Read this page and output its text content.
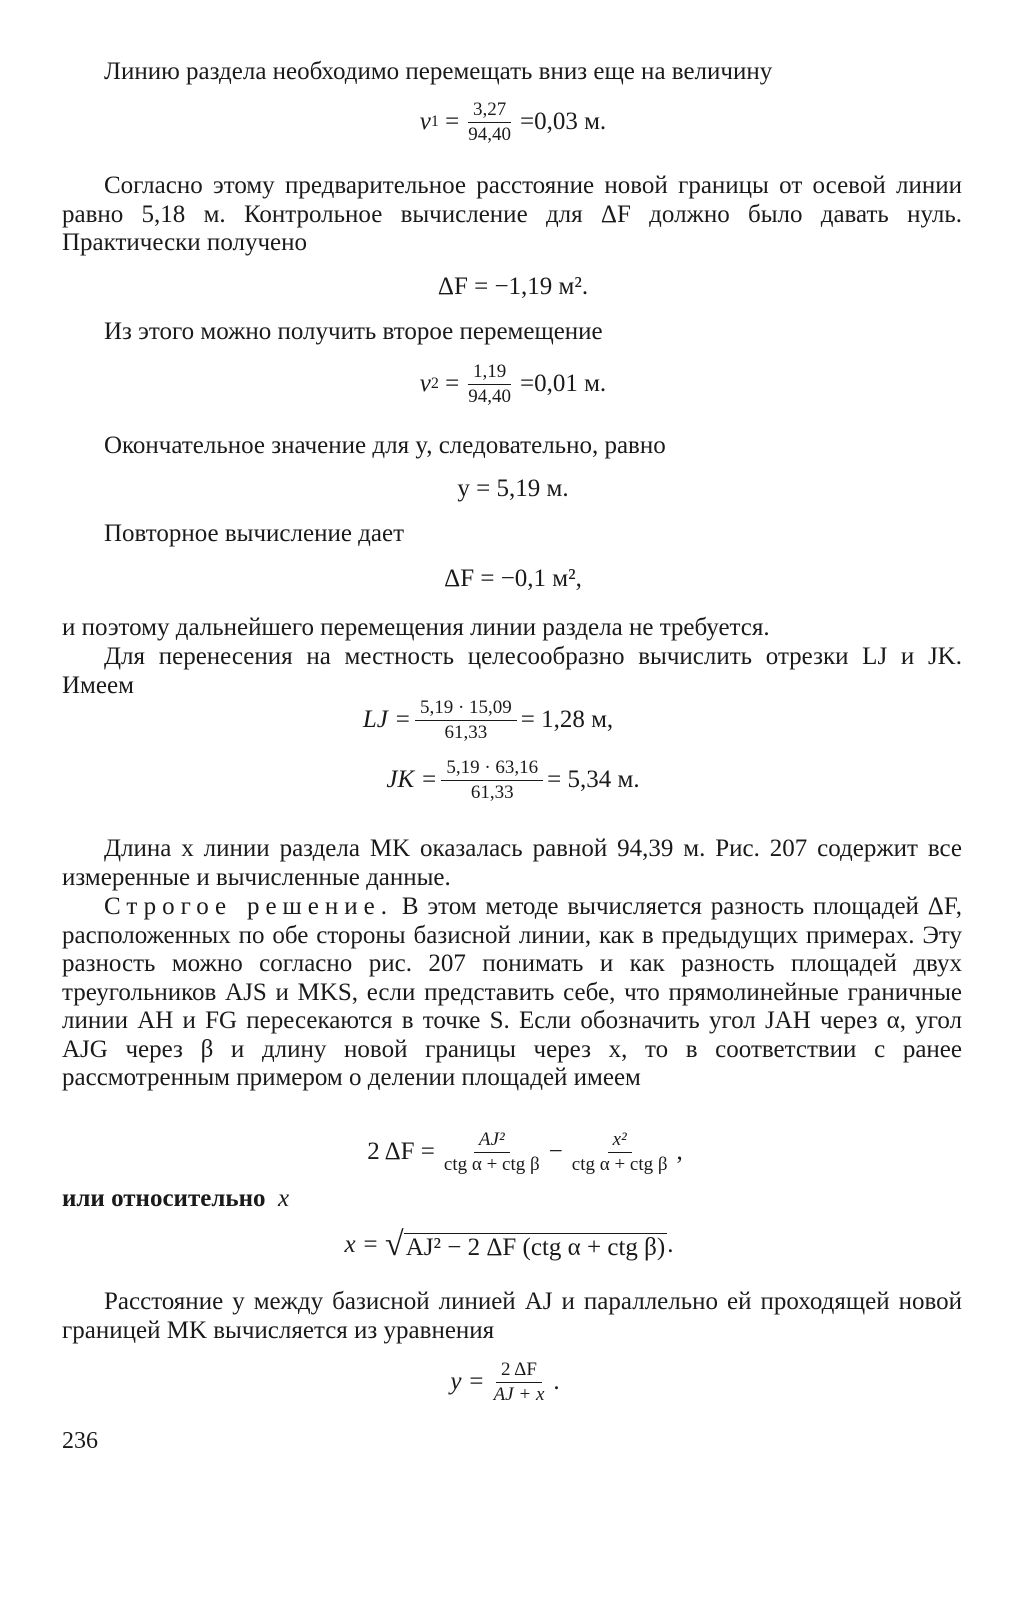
Линию раздела необходимо перемещать вниз еще на величину

v $1 = \frac{3,27}{94,40} =0,03$ м.

Согласно этому предварительное расстояние новой границы от осевой линии равно 5,18 м. Контрольное вычисление для ΔF должно было давать нуль. Практически получено

ΔF = −1,19 м².

Из этого можно получить второе перемещение

v $2 = \frac{1,19}{94,40} =0,01$ м.

Окончательное значение для y, следовательно, равно

y = 5,19 м.

Повторное вычисление дает

ΔF = −0,1 м²,

и поэтому дальнейшего перемещения линии раздела не требуется.

Для перенесения на местность целесообразно вычислить отрезки LJ и JK. Имеем

LJ = $\frac{5,19 \cdot 15,09}{61,33} = 1,28$ м,
JK = $\frac{5,19 \cdot 63,16}{61,33} = 5,34$ м.

Длина x линии раздела MK оказалась равной 94,39 м. Рис. 207 содержит все измеренные и вычисленные данные.

Строгое решение. В этом методе вычисляется разность площадей ΔF, расположенных по обе стороны базисной линии, как в предыдущих примерах. Эту разность можно согласно рис. 207 понимать и как разность площадей двух треугольников AJS и MKS, если представить себе, что прямолинейные граничные линии AH и FG пересекаются в точке S. Если обозначить угол JAH через α, угол AJG через β и длину новой границы через x, то в соответствии с ранее рассмотренным примером о делении площадей имеем

2 $\Delta F = \frac{\text{AJ²}}{\text{ctg α + ctg β}} - \frac{\text{x²}}{\text{ctg α + ctg β}}$ ,

или относительно x

x =
√ AJ² − 2 ΔF (ctg α + ctg β) .

Расстояние y между базисной линией AJ и параллельно ей проходящей новой границей MK вычисляется из уравнения

$y = \frac{2 \Delta F}{AJ + x}$ .
236
